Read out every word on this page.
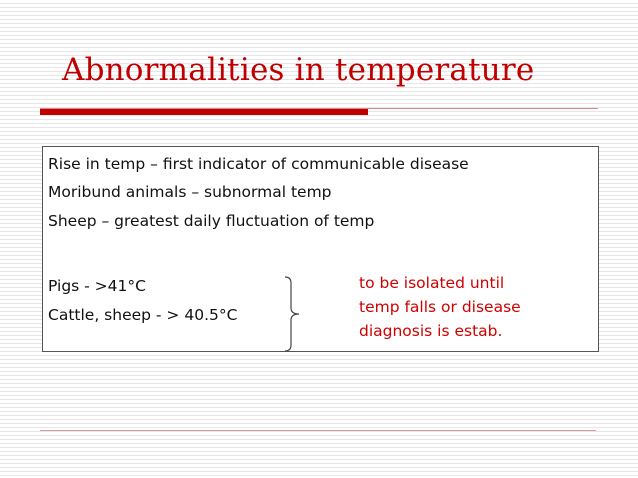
Abnormalities in temperature
Rise in temp – first indicator of communicable disease
Moribund animals – subnormal temp
Sheep – greatest daily fluctuation of temp
Pigs - >41°C
Cattle, sheep - > 40.5°C
to be isolated until
temp falls or disease
diagnosis is estab.
